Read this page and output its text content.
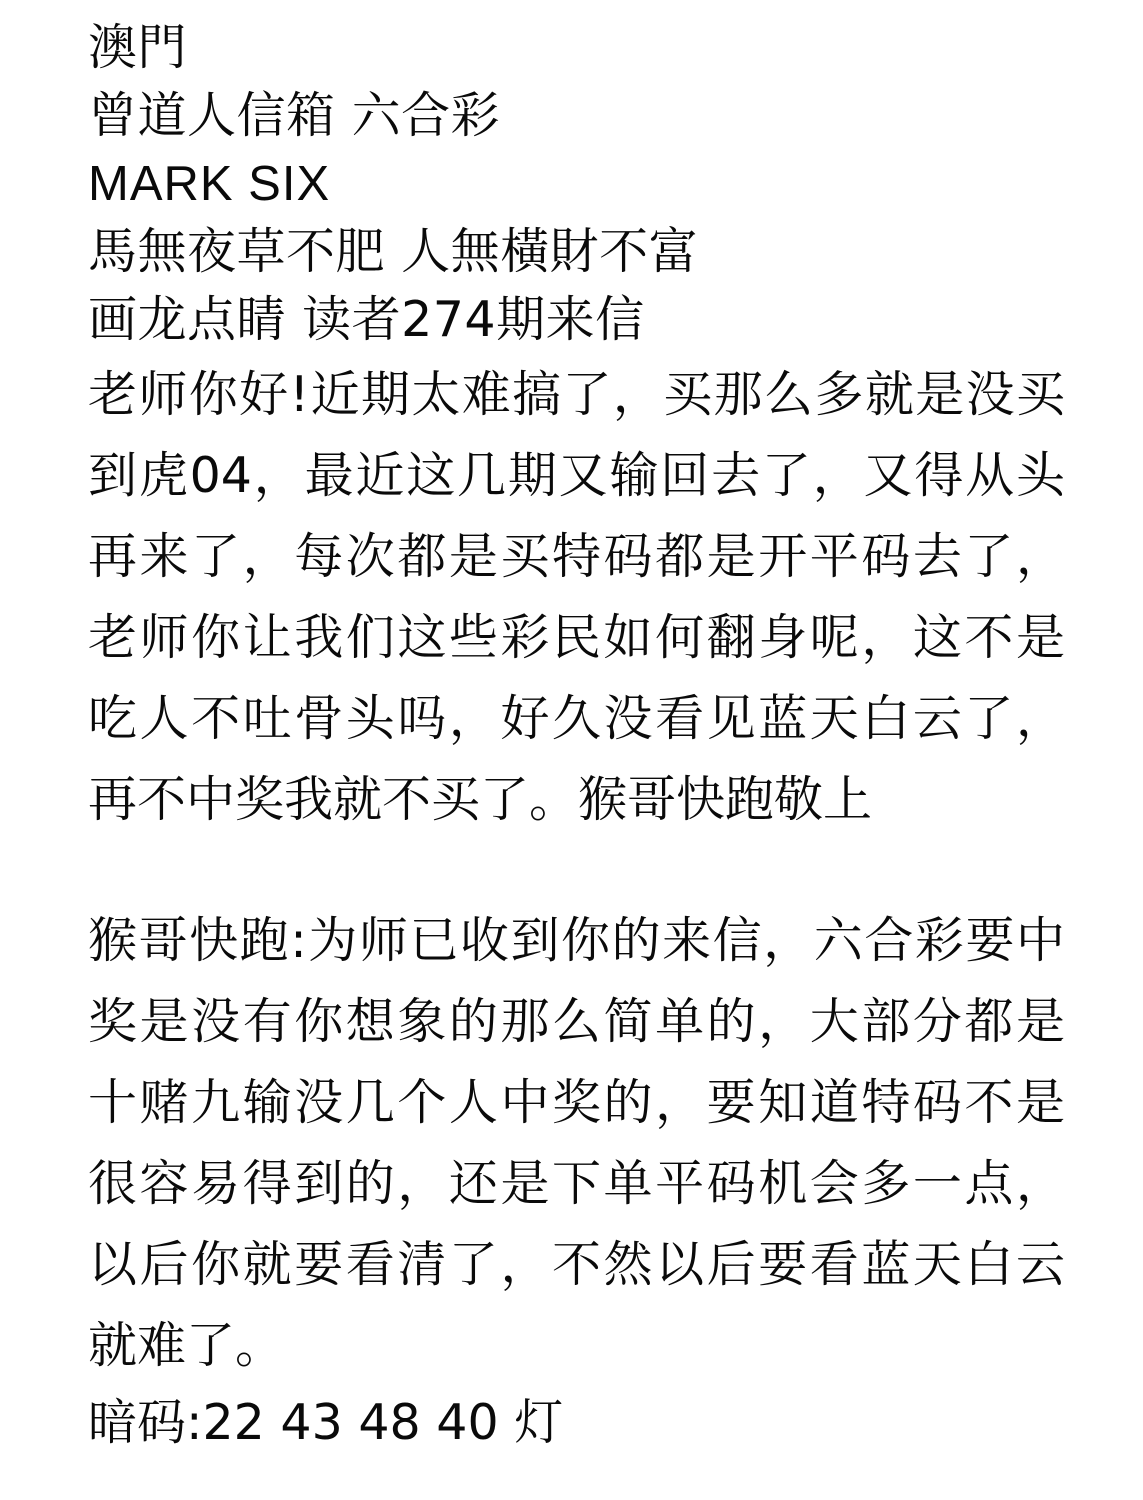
澳門
曾道人信箱 六合彩
MARK SIX
馬無夜草不肥 人無橫財不富
画龙点睛 读者274期来信
老师你好!近期太难搞了，买那么多就是没买到虎04，最近这几期又输回去了，又得从头再来了，每次都是买特码都是开平码去了，老师你让我们这些彩民如何翻身呢，这不是吃人不吐骨头吗，好久没看见蓝天白云了，再不中奖我就不买了。猴哥快跑敬上
猴哥快跑:为师已收到你的来信，六合彩要中奖是没有你想象的那么简单的，大部分都是十赌九输没几个人中奖的，要知道特码不是很容易得到的，还是下单平码机会多一点，以后你就要看清了，不然以后要看蓝天白云就难了。
暗码:22 43 48 40 灯
